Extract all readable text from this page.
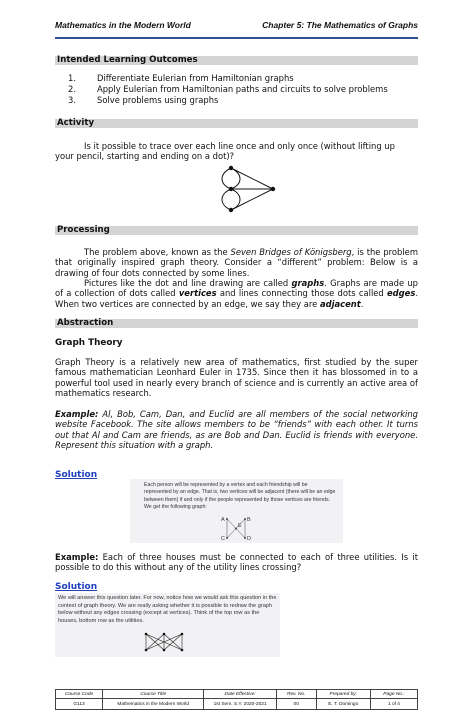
Mathematics in the Modern World	Chapter 5: The Mathematics of Graphs
Intended Learning Outcomes
1.	Differentiate Eulerian from Hamiltonian graphs
2.	Apply Eulerian from Hamiltonian paths and circuits to solve problems
3.	Solve problems using graphs
Activity
Is it possible to trace over each line once and only once (without lifting up
your pencil, starting and ending on a dot)?
Processing
The problem above, known as the Seven Bridges of Königsberg, is the problem that originally inspired graph theory. Consider a “different” problem: Below is a drawing of four dots connected by some lines.
Pictures like the dot and line drawing are called graphs. Graphs are made up of a collection of dots called vertices and lines connecting those dots called edges. When two vertices are connected by an edge, we say they are adjacent.
Abstraction
Graph Theory
Graph Theory is a relatively new area of mathematics, first studied by the super famous mathematician Leonhard Euler in 1735. Since then it has blossomed in to a powerful tool used in nearly every branch of science and is currently an active area of mathematics research.
Example: Al, Bob, Cam, Dan, and Euclid are all members of the social networking website Facebook. The site allows members to be “friends” with each other. It turns out that Al and Cam are friends, as are Bob and Dan. Euclid is friends with everyone. Represent this situation with a graph.
Solution
Each person will be represented by a vertex and each friendship will be represented by an edge. That is, two vertices will be adjacent (there will be an edge between them) if and only if the people represented by those vertices are friends. We get the following graph:
A	B
C	D
E
Example: Each of three houses must be connected to each of three utilities. Is it possible to do this without any of the utility lines crossing?
Solution
We will answer this question later. For now, notice how we would ask this question in the context of graph theory. We are really asking whether it is possible to redraw the graph below without any edges crossing (except at vertices). Think of the top row as the houses, bottom row as the utilities.
Course Code	Course Title	Date Effective:	Rev. No.	Prepared by:	Page No.:
G113	Mathematics in the Modern World	1st Sem. S.Y. 2020-2021	00	E. T. Domingo	1 of 4
